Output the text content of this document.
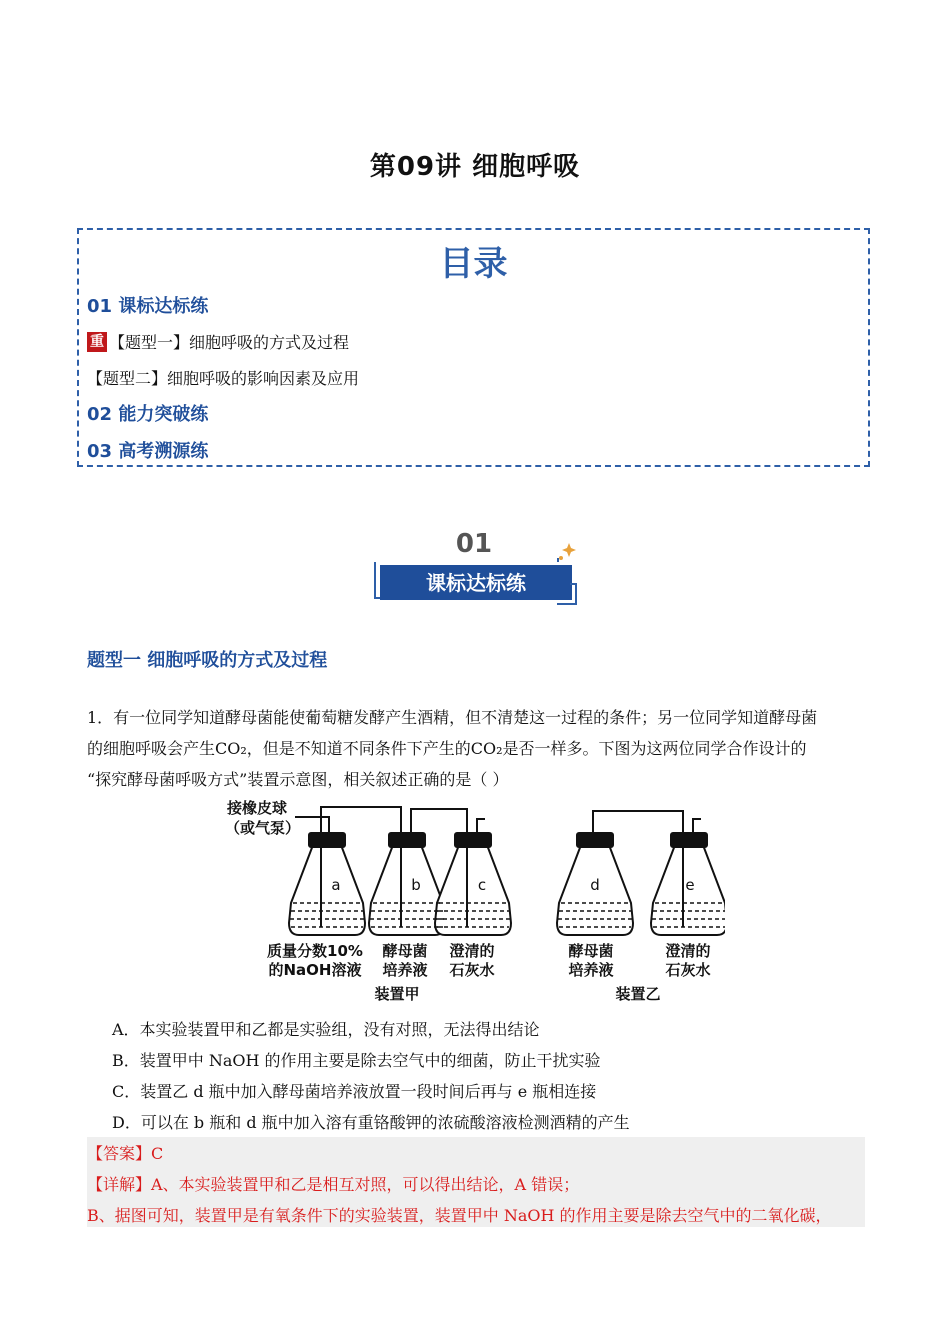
第09讲 细胞呼吸
目录
01 课标达标练
重 【题型一】细胞呼吸的方式及过程
【题型二】细胞呼吸的影响因素及应用
02 能力突破练
03 高考溯源练
01
课标达标练
题型一 细胞呼吸的方式及过程
1．有一位同学知道酵母菌能使葡萄糖发酵产生酒精，但不清楚这一过程的条件；另一位同学知道酵母菌
的细胞呼吸会产生CO₂，但是不知道不同条件下产生的CO₂是否一样多。下图为这两位同学合作设计的
“探究酵母菌呼吸方式”装置示意图，相关叙述正确的是（ ）
接橡皮球
（或气泵）
a	b	c	d	e
质量分数10%
的NaOH溶液
酵母菌
培养液
澄清的
石灰水
酵母菌
培养液
澄清的
石灰水
装置甲	装置乙
A．本实验装置甲和乙都是实验组，没有对照，无法得出结论
B．装置甲中 NaOH 的作用主要是除去空气中的细菌，防止干扰实验
C．装置乙 d 瓶中加入酵母菌培养液放置一段时间后再与 e 瓶相连接
D．可以在 b 瓶和 d 瓶中加入溶有重铬酸钾的浓硫酸溶液检测酒精的产生
【答案】C
【详解】A、本实验装置甲和乙是相互对照，可以得出结论，A 错误；
B、据图可知，装置甲是有氧条件下的实验装置，装置甲中 NaOH 的作用主要是除去空气中的二氧化碳，
